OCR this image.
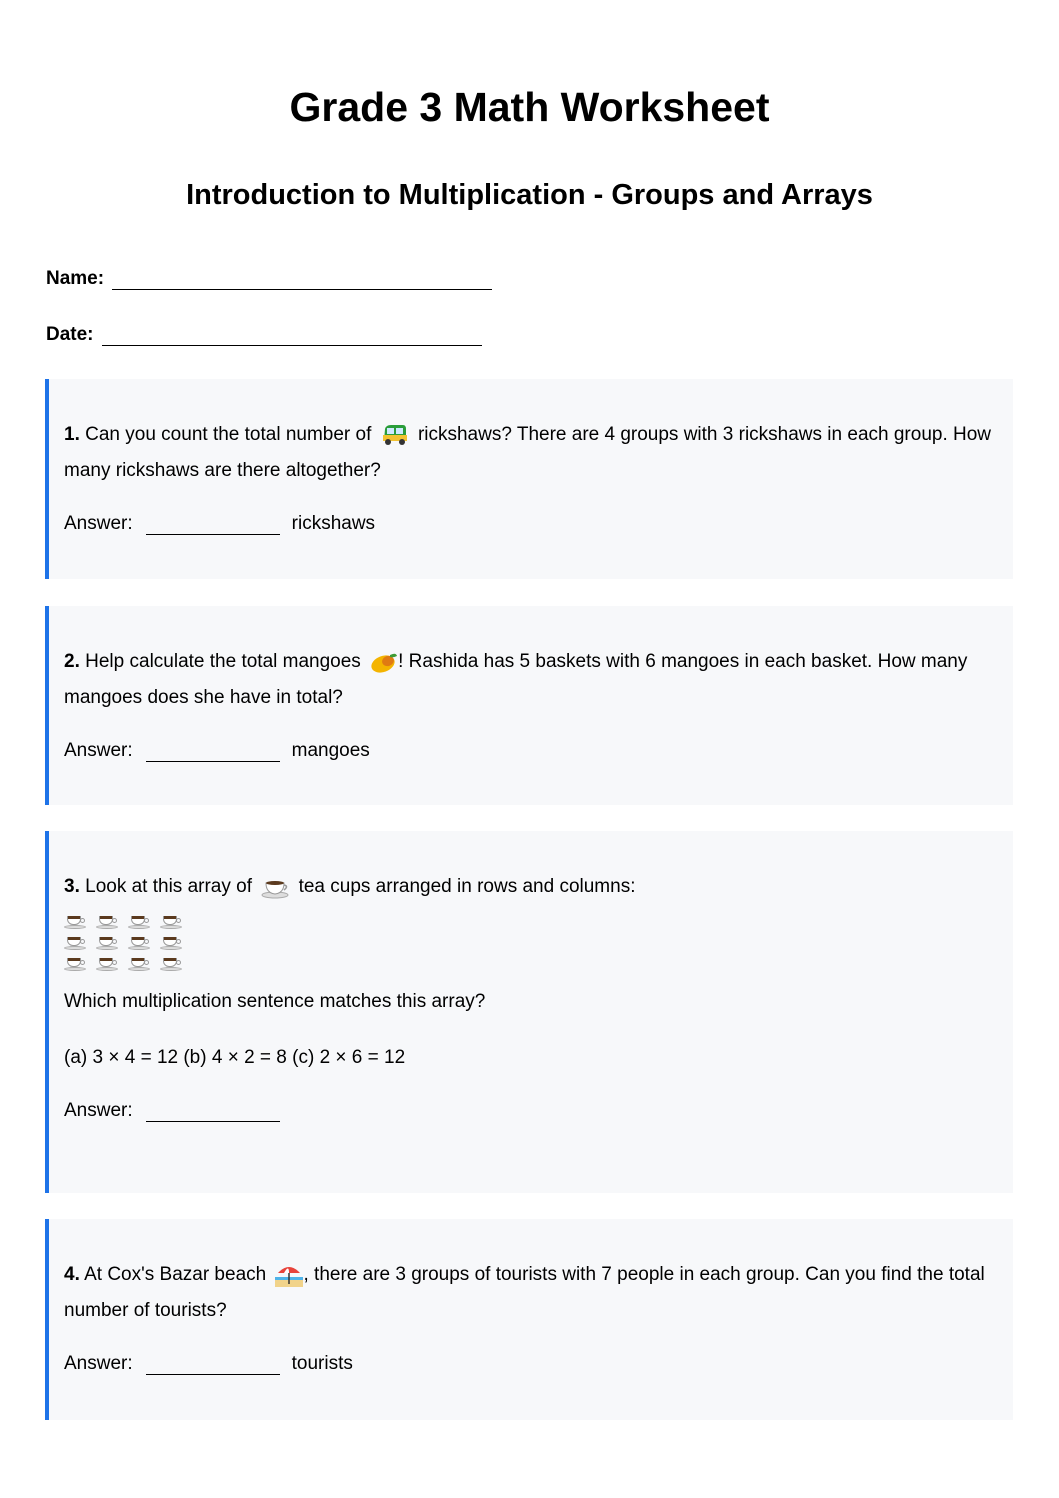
Grade 3 Math Worksheet
Introduction to Multiplication - Groups and Arrays
Name:
Date:
1. Can you count the total number of rickshaws? There are 4 groups with 3 rickshaws in each group. How many rickshaws are there altogether?
Answer:	rickshaws
2. Help calculate the total mangoes ! Rashida has 5 baskets with 6 mangoes in each basket. How many mangoes does she have in total?
Answer:	mangoes
3. Look at this array of tea cups arranged in rows and columns:
Which multiplication sentence matches this array?
(a) 3 × 4 = 12 (b) 4 × 2 = 8 (c) 2 × 6 = 12
Answer:
4. At Cox's Bazar beach , there are 3 groups of tourists with 7 people in each group. Can you find the total number of tourists?
Answer:	tourists
